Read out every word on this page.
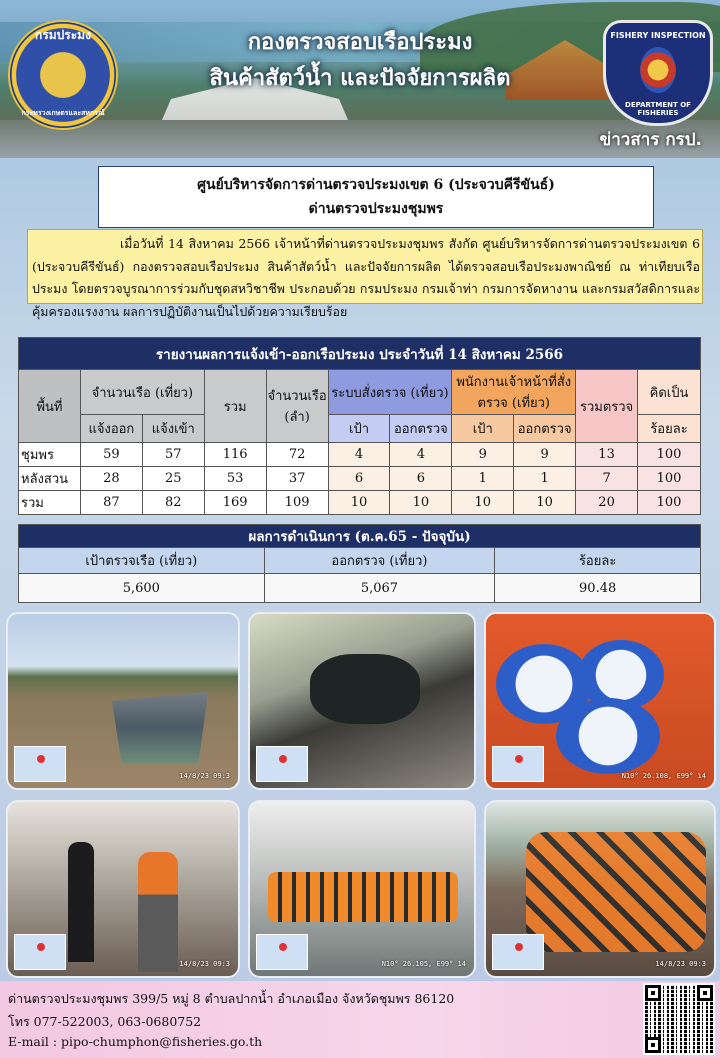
กรมประมง
กระทรวงเกษตรและสหกรณ์
กองตรวจสอบเรือประมง
สินค้าสัตว์น้ำ และปัจจัยการผลิต
FISHERY INSPECTION
DEPARTMENT OF FISHERIES
ข่าวสาร กรป.
ศูนย์บริหารจัดการด่านตรวจประมงเขต 6 (ประจวบคีรีขันธ์)
ด่านตรวจประมงชุมพร
เมื่อวันที่ 14 สิงหาคม 2566 เจ้าหน้าที่ด่านตรวจประมงชุมพร สังกัด ศูนย์บริหารจัดการด่านตรวจประมงเขต 6 (ประจวบคีรีขันธ์) กองตรวจสอบเรือประมง สินค้าสัตว์น้ำ และปัจจัยการผลิต ได้ตรวจสอบเรือประมงพาณิชย์ ณ ท่าเทียบเรือประมง โดยตรวจบูรณาการร่วมกับชุดสหวิชาชีพ ประกอบด้วย กรมประมง กรมเจ้าท่า กรมการจัดหางาน และกรมสวัสดิการและคุ้มครองแรงงาน ผลการปฏิบัติงานเป็นไปด้วยความเรียบร้อย
รายงานผลการแจ้งเข้า-ออกเรือประมง ประจำวันที่ 14 สิงหาคม 2566										
พื้นที่	จำนวนเรือ (เที่ยว)		รวม	จำนวนเรือ (ลำ)	ระบบสั่งตรวจ (เที่ยว)		พนักงานเจ้าหน้าที่สั่งตรวจ (เที่ยว)		รวมตรวจ	คิดเป็น
	แจ้งออก	แจ้งเข้า			เป้า	ออกตรวจ	เป้า	ออกตรวจ		ร้อยละ
ชุมพร	59	57	116	72	4	4	9	9	13	100
หลังสวน	28	25	53	37	6	6	1	1	7	100
รวม	87	82	169	109	10	10	10	10	20	100
ผลการดำเนินการ (ต.ค.65 - ปัจจุบัน)		
เป้าตรวจเรือ (เที่ยว)	ออกตรวจ (เที่ยว)	ร้อยละ
5,600	5,067	90.48
14/8/23 09:3	N10° 26.108, E99° 14
14/8/23 09:3	N10° 26.105, E99° 14	14/8/23 09:3
ด่านตรวจประมงชุมพร 399/5 หมู่ 8 ตำบลปากน้ำ อำเภอเมือง จังหวัดชุมพร 86120
โทร 077-522003, 063-0680752
E-mail : pipo-chumphon@fisheries.go.th
